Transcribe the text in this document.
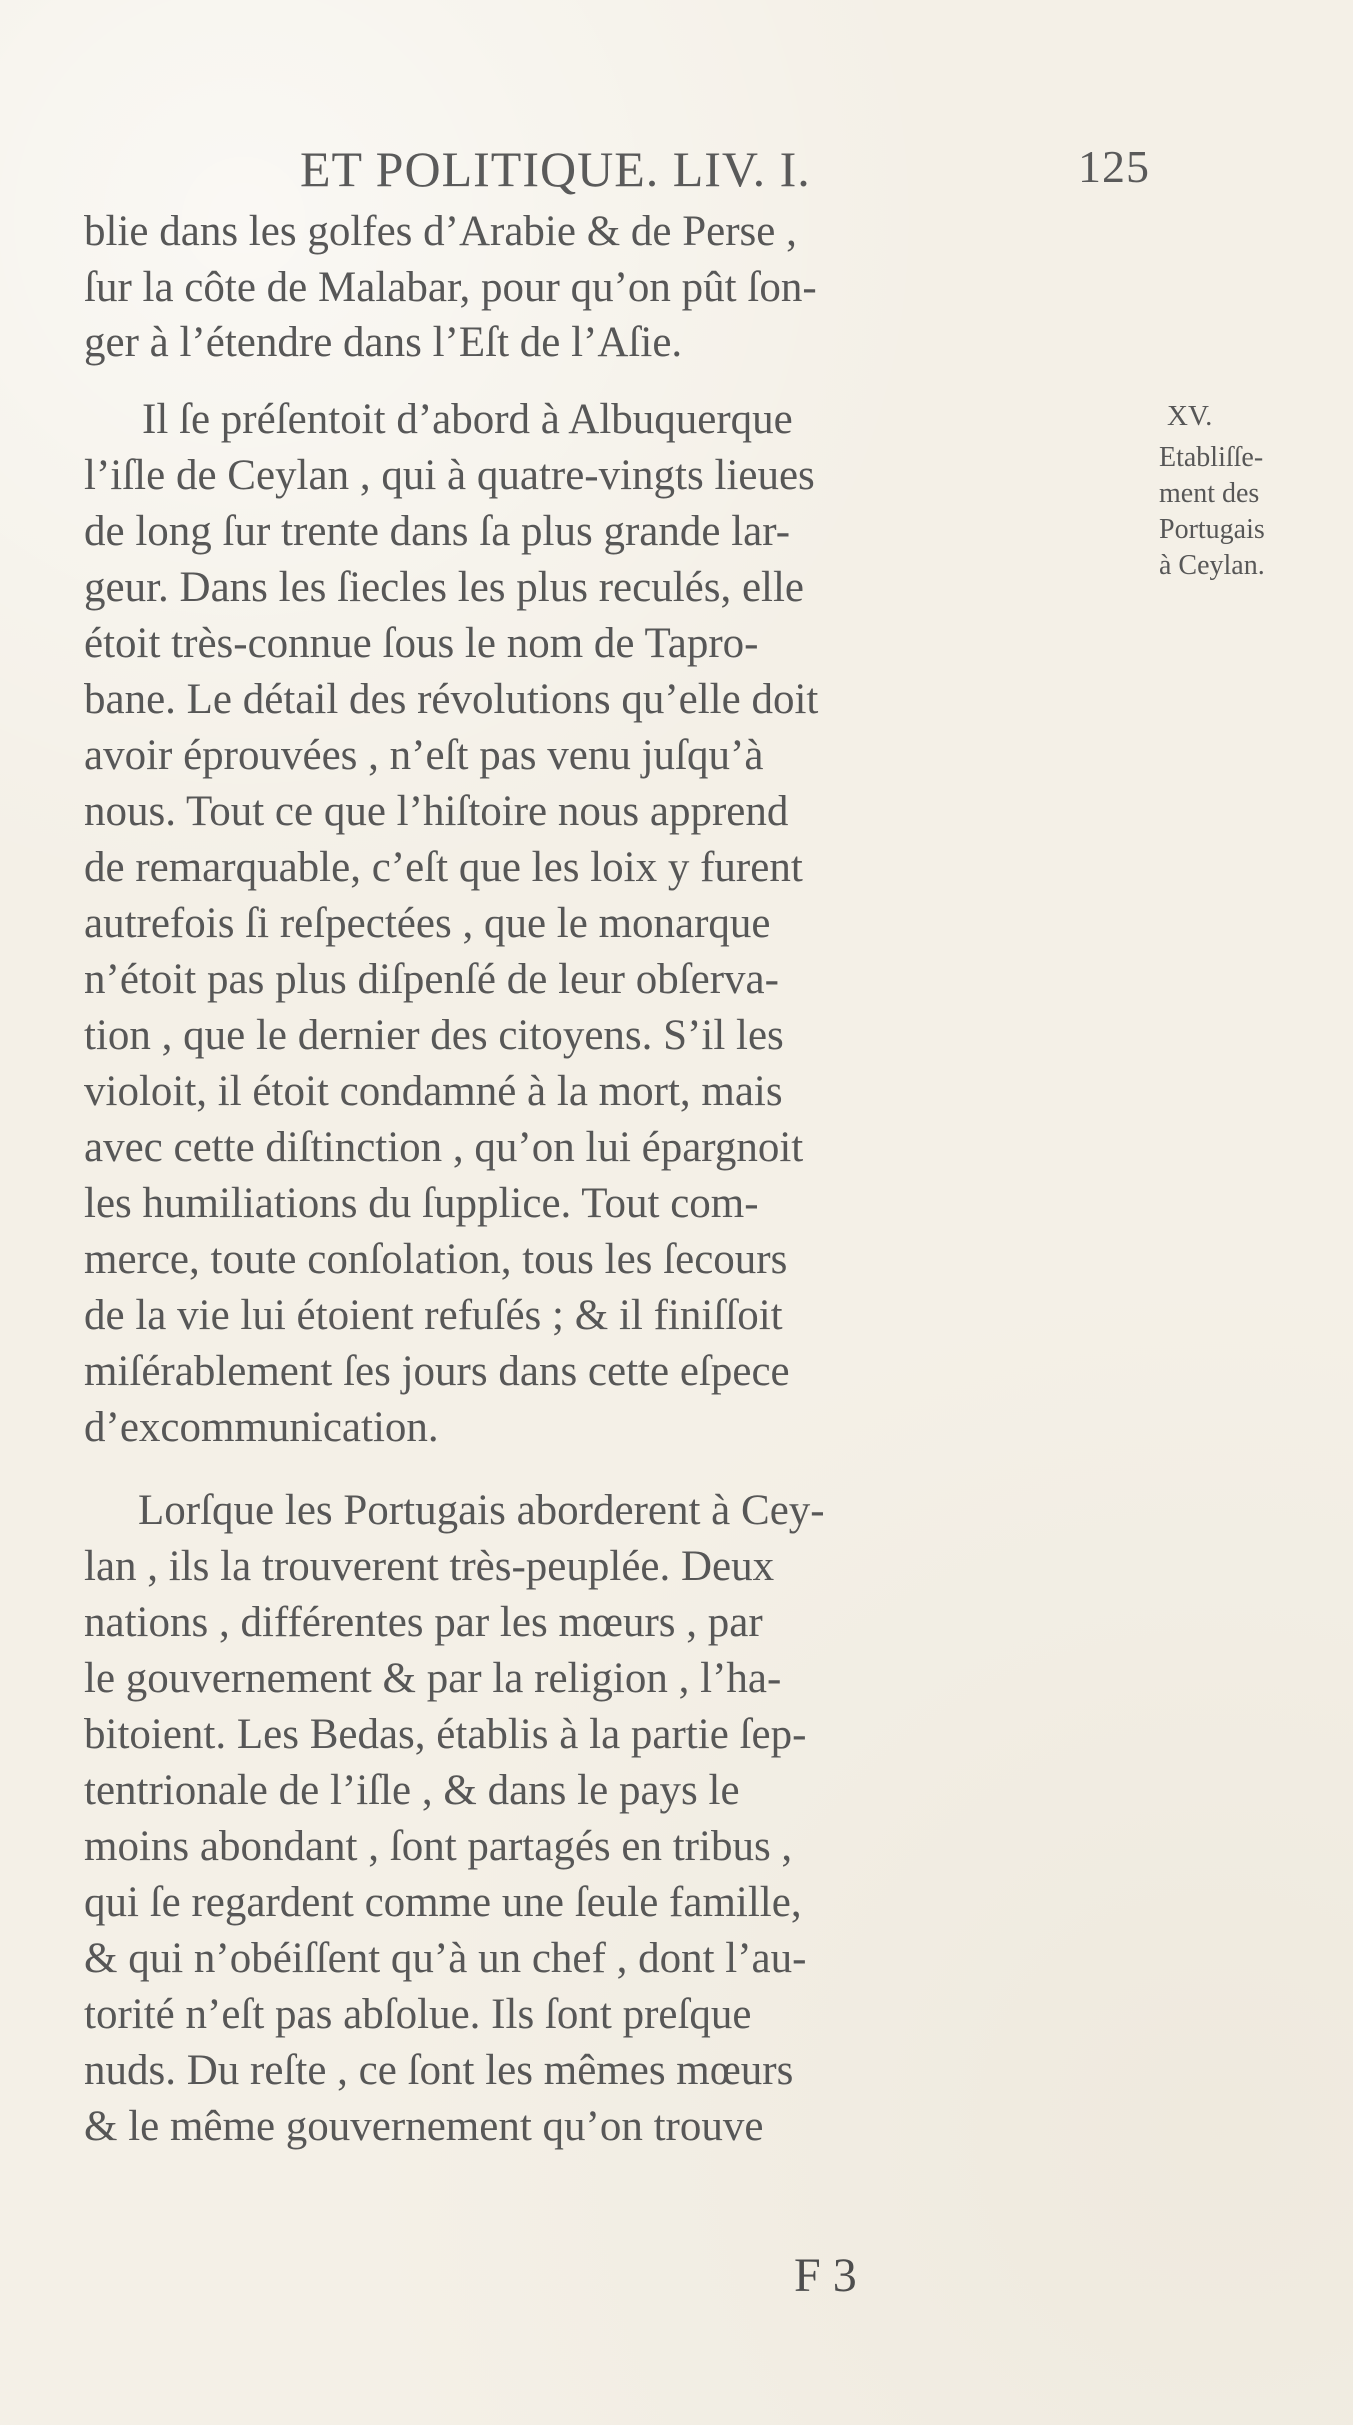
ET POLITIQUE. LIV. I.	125
blie dans les golfes d’Arabie & de Perse ,
ſur la côte de Malabar, pour qu’on pût ſon-
ger à l’étendre dans l’Eſt de l’Aſie.
Il ſe préſentoit d’abord à Albuquerque
l’iſle de Ceylan , qui à quatre-vingts lieues
de long ſur trente dans ſa plus grande lar-
geur. Dans les ſiecles les plus reculés, elle
étoit très-connue ſous le nom de Tapro-
bane. Le détail des révolutions qu’elle doit
avoir éprouvées , n’eſt pas venu juſqu’à
nous. Tout ce que l’hiſtoire nous apprend
de remarquable, c’eſt que les loix y furent
autrefois ſi reſpectées , que le monarque
n’étoit pas plus diſpenſé de leur obſerva-
tion , que le dernier des citoyens. S’il les
violoit, il étoit condamné à la mort, mais
avec cette diſtinction , qu’on lui épargnoit
les humiliations du ſupplice. Tout com-
merce, toute conſolation, tous les ſecours
de la vie lui étoient refuſés ; & il finiſſoit
miſérablement ſes jours dans cette eſpece
d’excommunication.
Lorſque les Portugais aborderent à Cey-
lan , ils la trouverent très-peuplée. Deux
nations , différentes par les mœurs , par
le gouvernement & par la religion , l’ha-
bitoient. Les Bedas, établis à la partie ſep-
tentrionale de l’iſle , & dans le pays le
moins abondant , ſont partagés en tribus ,
qui ſe regardent comme une ſeule famille,
& qui n’obéiſſent qu’à un chef , dont l’au-
torité n’eſt pas abſolue. Ils ſont preſque
nuds. Du reſte , ce ſont les mêmes mœurs
& le même gouvernement qu’on trouve
XV.
Etabliſſe-
ment des
Portugais
à Ceylan.
F 3
